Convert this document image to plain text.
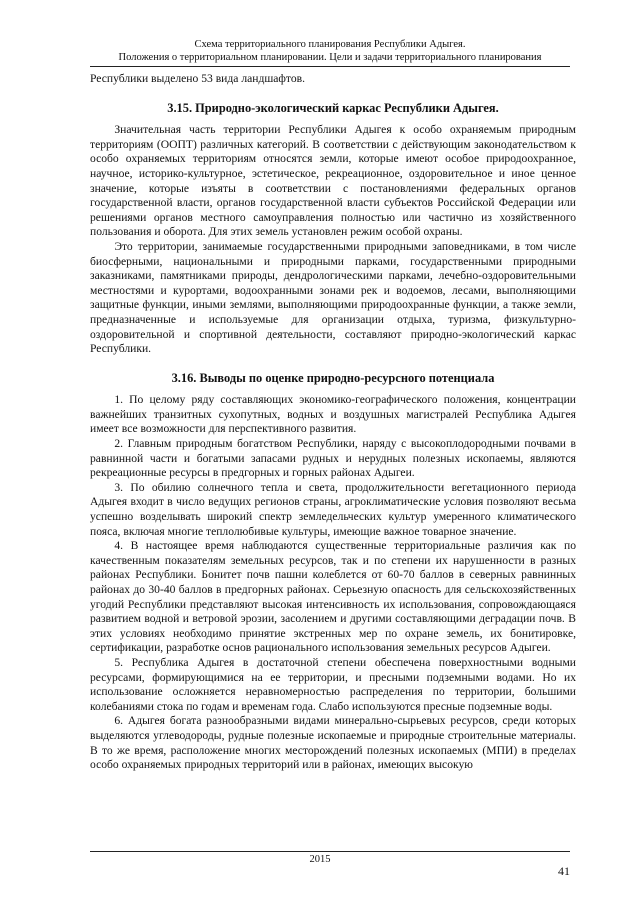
Схема территориального планирования Республики Адыгея.
Положения о территориальном планировании. Цели и задачи территориального планирования

Республики выделено 53 вида ландшафтов.

3.15. Природно-экологический каркас Республики Адыгея.

Значительная часть территории Республики Адыгея к особо охраняемым природным территориям (ООПТ) различных категорий. В соответствии с действующим законодательством к особо охраняемых территориям относятся земли, которые имеют особое природоохранное, научное, историко-культурное, эстетическое, рекреационное, оздоровительное и иное ценное значение, которые изъяты в соответствии с постановлениями федеральных органов государственной власти, органов государственной власти субъектов Российской Федерации или решениями органов местного самоуправления полностью или частично из хозяйственного пользования и оборота. Для этих земель установлен режим особой охраны.

Это территории, занимаемые государственными природными заповедниками, в том числе биосферными, национальными и природными парками, государственными природными заказниками, памятниками природы, дендрологическими парками, лечебно-оздоровительными местностями и курортами, водоохранными зонами рек и водоемов, лесами, выполняющими защитные функции, иными землями, выполняющими природоохранные функции, а также земли, предназначенные и используемые для организации отдыха, туризма, физкультурно-оздоровительной и спортивной деятельности, составляют природно-экологический каркас Республики.

3.16. Выводы по оценке природно-ресурсного потенциала

1. По целому ряду составляющих экономико-географического положения, концентрации важнейших транзитных сухопутных, водных и воздушных магистралей Республика Адыгея имеет все возможности для перспективного развития.

2. Главным природным богатством Республики, наряду с высокоплодородными почвами в равнинной части и богатыми запасами рудных и нерудных полезных ископаемы, являются рекреационные ресурсы в предгорных и горных районах Адыгеи.

3. По обилию солнечного тепла и света, продолжительности вегетационного периода Адыгея входит в число ведущих регионов страны, агроклиматические условия позволяют весьма успешно возделывать широкий спектр земледельческих культур умеренного климатического пояса, включая многие теплолюбивые культуры, имеющие важное товарное значение.

4. В настоящее время наблюдаются существенные территориальные различия как по качественным показателям земельных ресурсов, так и по степени их нарушенности в разных районах Республики. Бонитет почв пашни колеблется от 60-70 баллов в северных равнинных районах до 30-40 баллов в предгорных районах. Серьезную опасность для сельскохозяйственных угодий Республики представляют высокая интенсивность их использования, сопровождающаяся развитием водной и ветровой эрозии, засолением и другими составляющими деградации почв. В этих условиях необходимо принятие экстренных мер по охране земель, их бонитировке, сертификации, разработке основ рационального использования земельных ресурсов Адыгеи.

5. Республика Адыгея в достаточной степени обеспечена поверхностными водными ресурсами, формирующимися на ее территории, и пресными подземными водами. Но их использование осложняется неравномерностью распределения по территории, большими колебаниями стока по годам и временам года. Слабо используются пресные подземные воды.

6. Адыгея богата разнообразными видами минерально-сырьевых ресурсов, среди которых выделяются углеводороды, рудные полезные ископаемые и природные строительные материалы. В то же время, расположение многих месторождений полезных ископаемых (МПИ) в пределах особо охраняемых природных территорий или в районах, имеющих высокую

2015
41
